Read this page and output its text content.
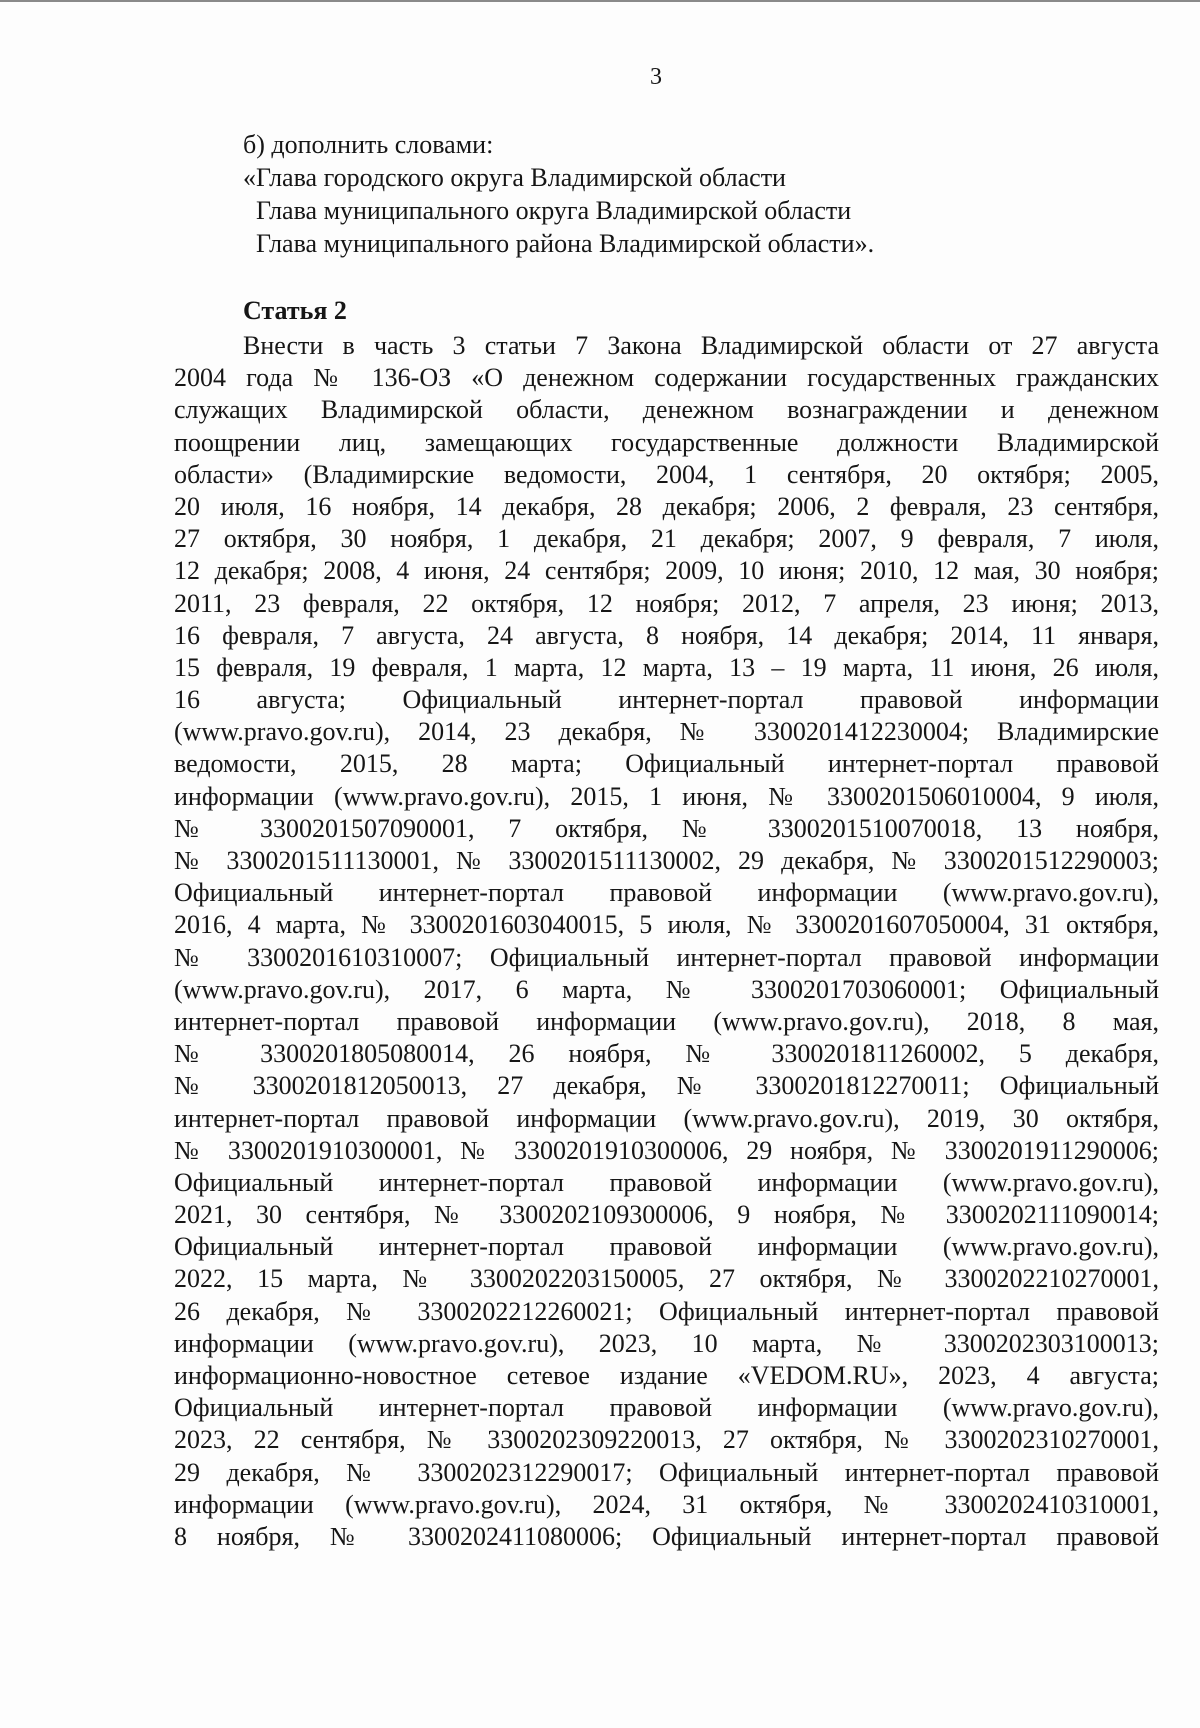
3
б) дополнить словами:
«Глава городского округа Владимирской области
Глава муниципального округа Владимирской области
Глава муниципального района Владимирской области».
Статья 2
Внести в часть 3 статьи 7 Закона Владимирской области от 27 августа
2004 года № 136-ОЗ «О денежном содержании государственных гражданских
служащих Владимирской области, денежном вознаграждении и денежном
поощрении лиц, замещающих государственные должности Владимирской
области» (Владимирские ведомости, 2004, 1 сентября, 20 октября; 2005,
20 июля, 16 ноября, 14 декабря, 28 декабря; 2006, 2 февраля, 23 сентября,
27 октября, 30 ноября, 1 декабря, 21 декабря; 2007, 9 февраля, 7 июля,
12 декабря; 2008, 4 июня, 24 сентября; 2009, 10 июня; 2010, 12 мая, 30 ноября;
2011, 23 февраля, 22 октября, 12 ноября; 2012, 7 апреля, 23 июня; 2013,
16 февраля, 7 августа, 24 августа, 8 ноября, 14 декабря; 2014, 11 января,
15 февраля, 19 февраля, 1 марта, 12 марта, 13 – 19 марта, 11 июня, 26 июля,
16 августа; Официальный интернет-портал правовой информации
(www.pravo.gov.ru), 2014, 23 декабря, № 3300201412230004; Владимирские
ведомости, 2015, 28 марта; Официальный интернет-портал правовой
информации (www.pravo.gov.ru), 2015, 1 июня, № 3300201506010004, 9 июля,
№ 3300201507090001, 7 октября, № 3300201510070018, 13 ноября,
№ 3300201511130001, № 3300201511130002, 29 декабря, № 3300201512290003;
Официальный интернет-портал правовой информации (www.pravo.gov.ru),
2016, 4 марта, № 3300201603040015, 5 июля, № 3300201607050004, 31 октября,
№ 3300201610310007; Официальный интернет-портал правовой информации
(www.pravo.gov.ru), 2017, 6 марта, № 3300201703060001; Официальный
интернет-портал правовой информации (www.pravo.gov.ru), 2018, 8 мая,
№ 3300201805080014, 26 ноября, № 3300201811260002, 5 декабря,
№ 3300201812050013, 27 декабря, № 3300201812270011; Официальный
интернет-портал правовой информации (www.pravo.gov.ru), 2019, 30 октября,
№ 3300201910300001, № 3300201910300006, 29 ноября, № 3300201911290006;
Официальный интернет-портал правовой информации (www.pravo.gov.ru),
2021, 30 сентября, № 3300202109300006, 9 ноября, № 3300202111090014;
Официальный интернет-портал правовой информации (www.pravo.gov.ru),
2022, 15 марта, № 3300202203150005, 27 октября, № 3300202210270001,
26 декабря, № 3300202212260021; Официальный интернет-портал правовой
информации (www.pravo.gov.ru), 2023, 10 марта, № 3300202303100013;
информационно-новостное сетевое издание «VEDOM.RU», 2023, 4 августа;
Официальный интернет-портал правовой информации (www.pravo.gov.ru),
2023, 22 сентября, № 3300202309220013, 27 октября, № 3300202310270001,
29 декабря, № 3300202312290017; Официальный интернет-портал правовой
информации (www.pravo.gov.ru), 2024, 31 октября, № 3300202410310001,
8 ноября, № 3300202411080006; Официальный интернет-портал правовой
